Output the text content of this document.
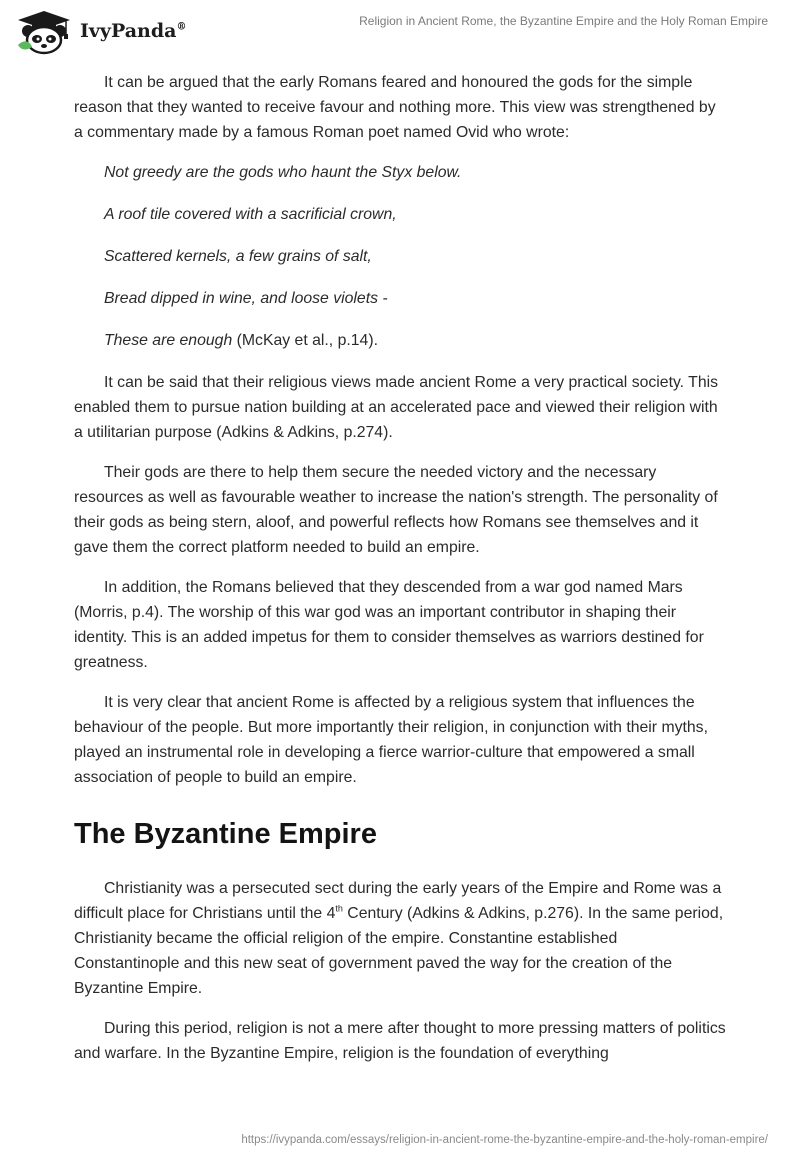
IvyPanda®	Religion in Ancient Rome, the Byzantine Empire and the Holy Roman Empire

It can be argued that the early Romans feared and honoured the gods for the simple reason that they wanted to receive favour and nothing more. This view was strengthened by a commentary made by a famous Roman poet named Ovid who wrote:

Not greedy are the gods who haunt the Styx below.

A roof tile covered with a sacrificial crown,

Scattered kernels, a few grains of salt,

Bread dipped in wine, and loose violets -

These are enough (McKay et al., p.14).

It can be said that their religious views made ancient Rome a very practical society. This enabled them to pursue nation building at an accelerated pace and viewed their religion with a utilitarian purpose (Adkins & Adkins, p.274).

Their gods are there to help them secure the needed victory and the necessary resources as well as favourable weather to increase the nation's strength. The personality of their gods as being stern, aloof, and powerful reflects how Romans see themselves and it gave them the correct platform needed to build an empire.

In addition, the Romans believed that they descended from a war god named Mars (Morris, p.4). The worship of this war god was an important contributor in shaping their identity. This is an added impetus for them to consider themselves as warriors destined for greatness.

It is very clear that ancient Rome is affected by a religious system that influences the behaviour of the people. But more importantly their religion, in conjunction with their myths, played an instrumental role in developing a fierce warrior-culture that empowered a small association of people to build an empire.

The Byzantine Empire

Christianity was a persecuted sect during the early years of the Empire and Rome was a difficult place for Christians until the 4th Century (Adkins & Adkins, p.276). In the same period, Christianity became the official religion of the empire. Constantine established Constantinople and this new seat of government paved the way for the creation of the Byzantine Empire.

During this period, religion is not a mere after thought to more pressing matters of politics and warfare. In the Byzantine Empire, religion is the foundation of everything

https://ivypanda.com/essays/religion-in-ancient-rome-the-byzantine-empire-and-the-holy-roman-empire/
